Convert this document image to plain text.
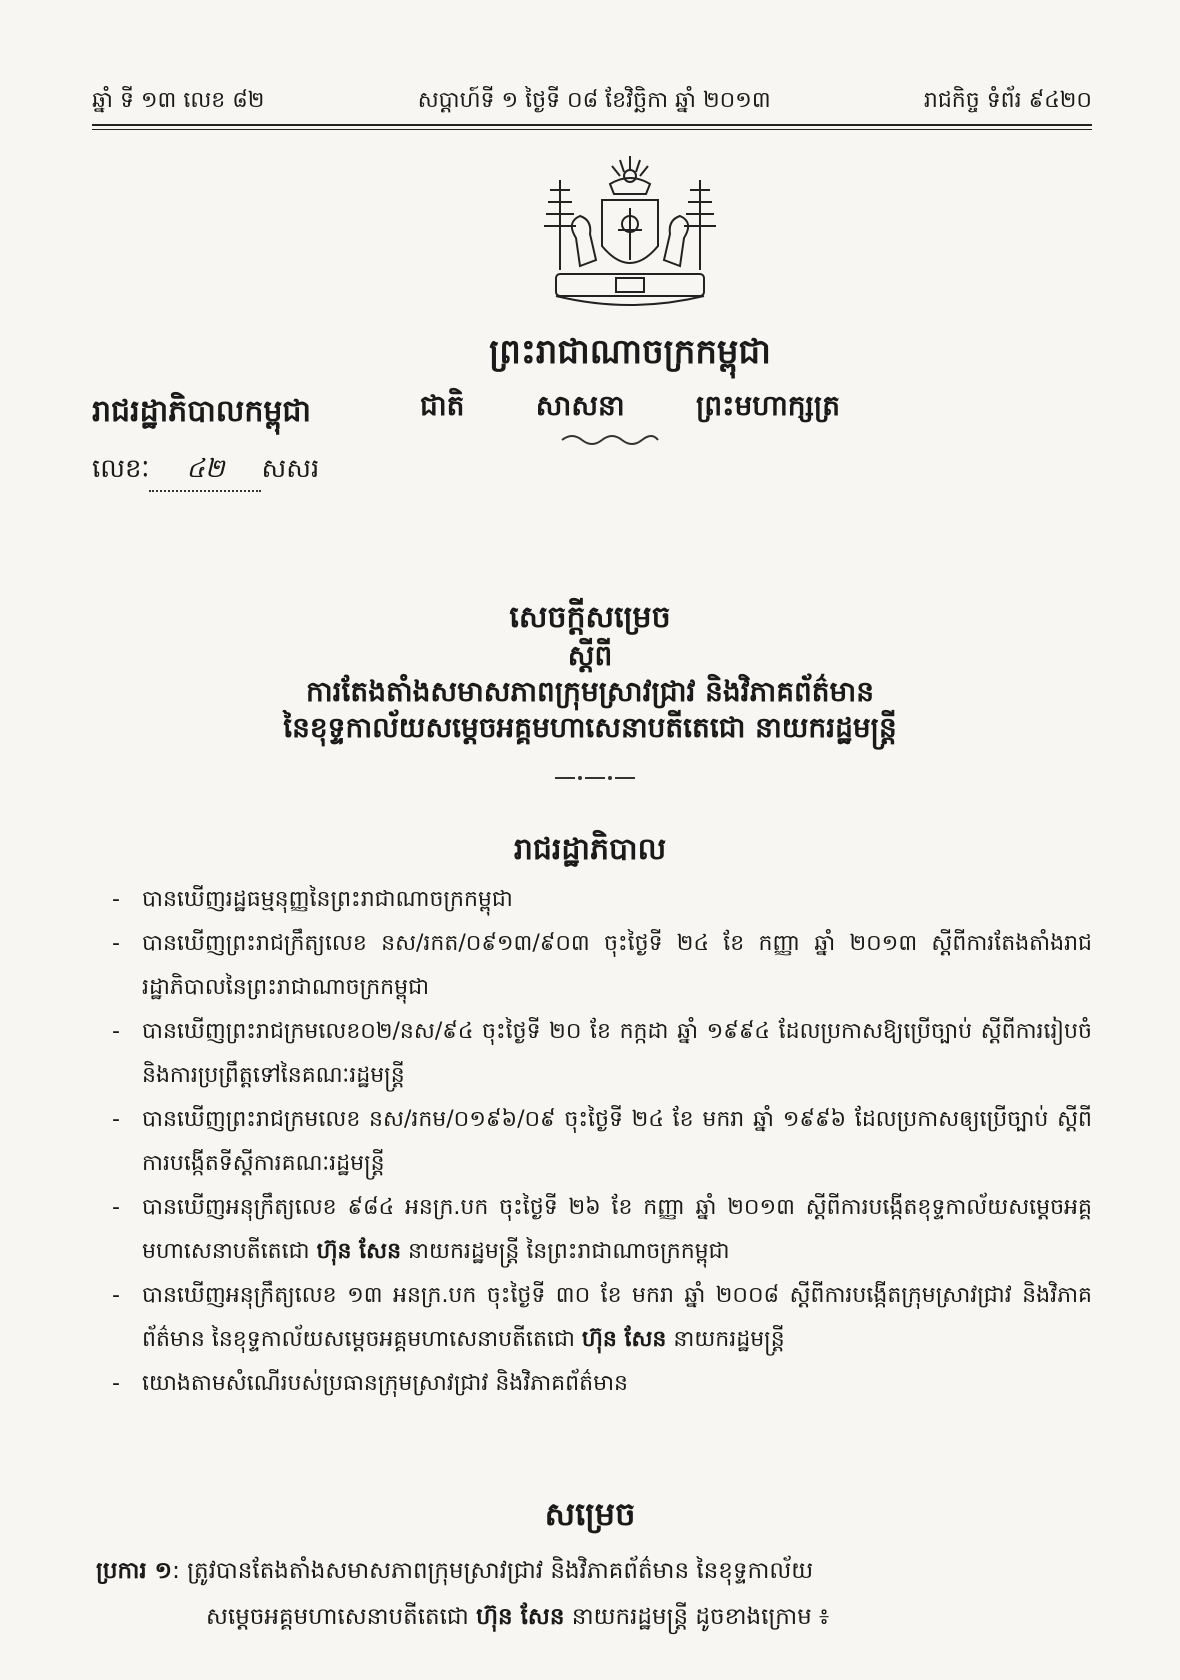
ឆ្នាំ ទី ១៣ លេខ ៨២	សប្តាហ៍ទី ១ ថ្ងៃទី ០៨ ខែវិច្ឆិកា ឆ្នាំ ២០១៣	រាជកិច្ច ទំព័រ ៩៤២០
ព្រះរាជាណាចក្រកម្ពុជា
ជាតិ	សាសនា	ព្រះមហាក្សត្រ
រាជរដ្ឋាភិបាលកម្ពុជា
លេខៈ ៤២ សសរ
សេចក្តីសម្រេច
ស្តីពី
ការតែងតាំងសមាសភាពក្រុមស្រាវជ្រាវ និងវិភាគព័ត៌មាន
នៃខុទ្ទកាល័យសម្តេចអគ្គមហាសេនាបតីតេជោ នាយករដ្ឋមន្ត្រី
រាជរដ្ឋាភិបាល
- បានឃើញរដ្ឋធម្មនុញ្ញនៃព្រះរាជាណាចក្រកម្ពុជា
- បានឃើញព្រះរាជក្រឹត្យលេខ នស/រកត/០៩១៣/៩០៣ ចុះថ្ងៃទី ២៤ ខែ កញ្ញា ឆ្នាំ ២០១៣ ស្តីពីការតែងតាំងរាជរដ្ឋាភិបាលនៃព្រះរាជាណាចក្រកម្ពុជា
- បានឃើញព្រះរាជក្រមលេខ០២/នស/៩៤ ចុះថ្ងៃទី ២០ ខែ កក្កដា ឆ្នាំ ១៩៩៤ ដែលប្រកាសឱ្យប្រើច្បាប់ ស្តីពីការរៀបចំ និងការប្រព្រឹត្តទៅនៃគណៈរដ្ឋមន្ត្រី
- បានឃើញព្រះរាជក្រមលេខ នស/រកម/០១៩៦/០៩ ចុះថ្ងៃទី ២៤ ខែ មករា ឆ្នាំ ១៩៩៦ ដែលប្រកាសឲ្យប្រើច្បាប់ ស្តីពីការបង្កើតទីស្តីការគណៈរដ្ឋមន្ត្រី
- បានឃើញអនុក្រឹត្យលេខ ៩៨៤ អនក្រ.បក ចុះថ្ងៃទី ២៦ ខែ កញ្ញា ឆ្នាំ ២០១៣ ស្តីពីការបង្កើតខុទ្ទកាល័យសម្តេចអគ្គមហាសេនាបតីតេជោ ហ៊ុន សែន នាយករដ្ឋមន្ត្រី នៃព្រះរាជាណាចក្រកម្ពុជា
- បានឃើញអនុក្រឹត្យលេខ ១៣ អនក្រ.បក ចុះថ្ងៃទី ៣០ ខែ មករា ឆ្នាំ ២០០៨ ស្តីពីការបង្កើតក្រុមស្រាវជ្រាវ និងវិភាគព័ត៌មាន នៃខុទ្ទកាល័យសម្តេចអគ្គមហាសេនាបតីតេជោ ហ៊ុន សែន នាយករដ្ឋមន្ត្រី
- យោងតាមសំណើរបស់ប្រធានក្រុមស្រាវជ្រាវ និងវិភាគព័ត៌មាន
សម្រេច
ប្រការ ១: ត្រូវបានតែងតាំងសមាសភាពក្រុមស្រាវជ្រាវ និងវិភាគព័ត៌មាន នៃខុទ្ទកាល័យ
សម្តេចអគ្គមហាសេនាបតីតេជោ ហ៊ុន សែន នាយករដ្ឋមន្ត្រី ដូចខាងក្រោម ៖
